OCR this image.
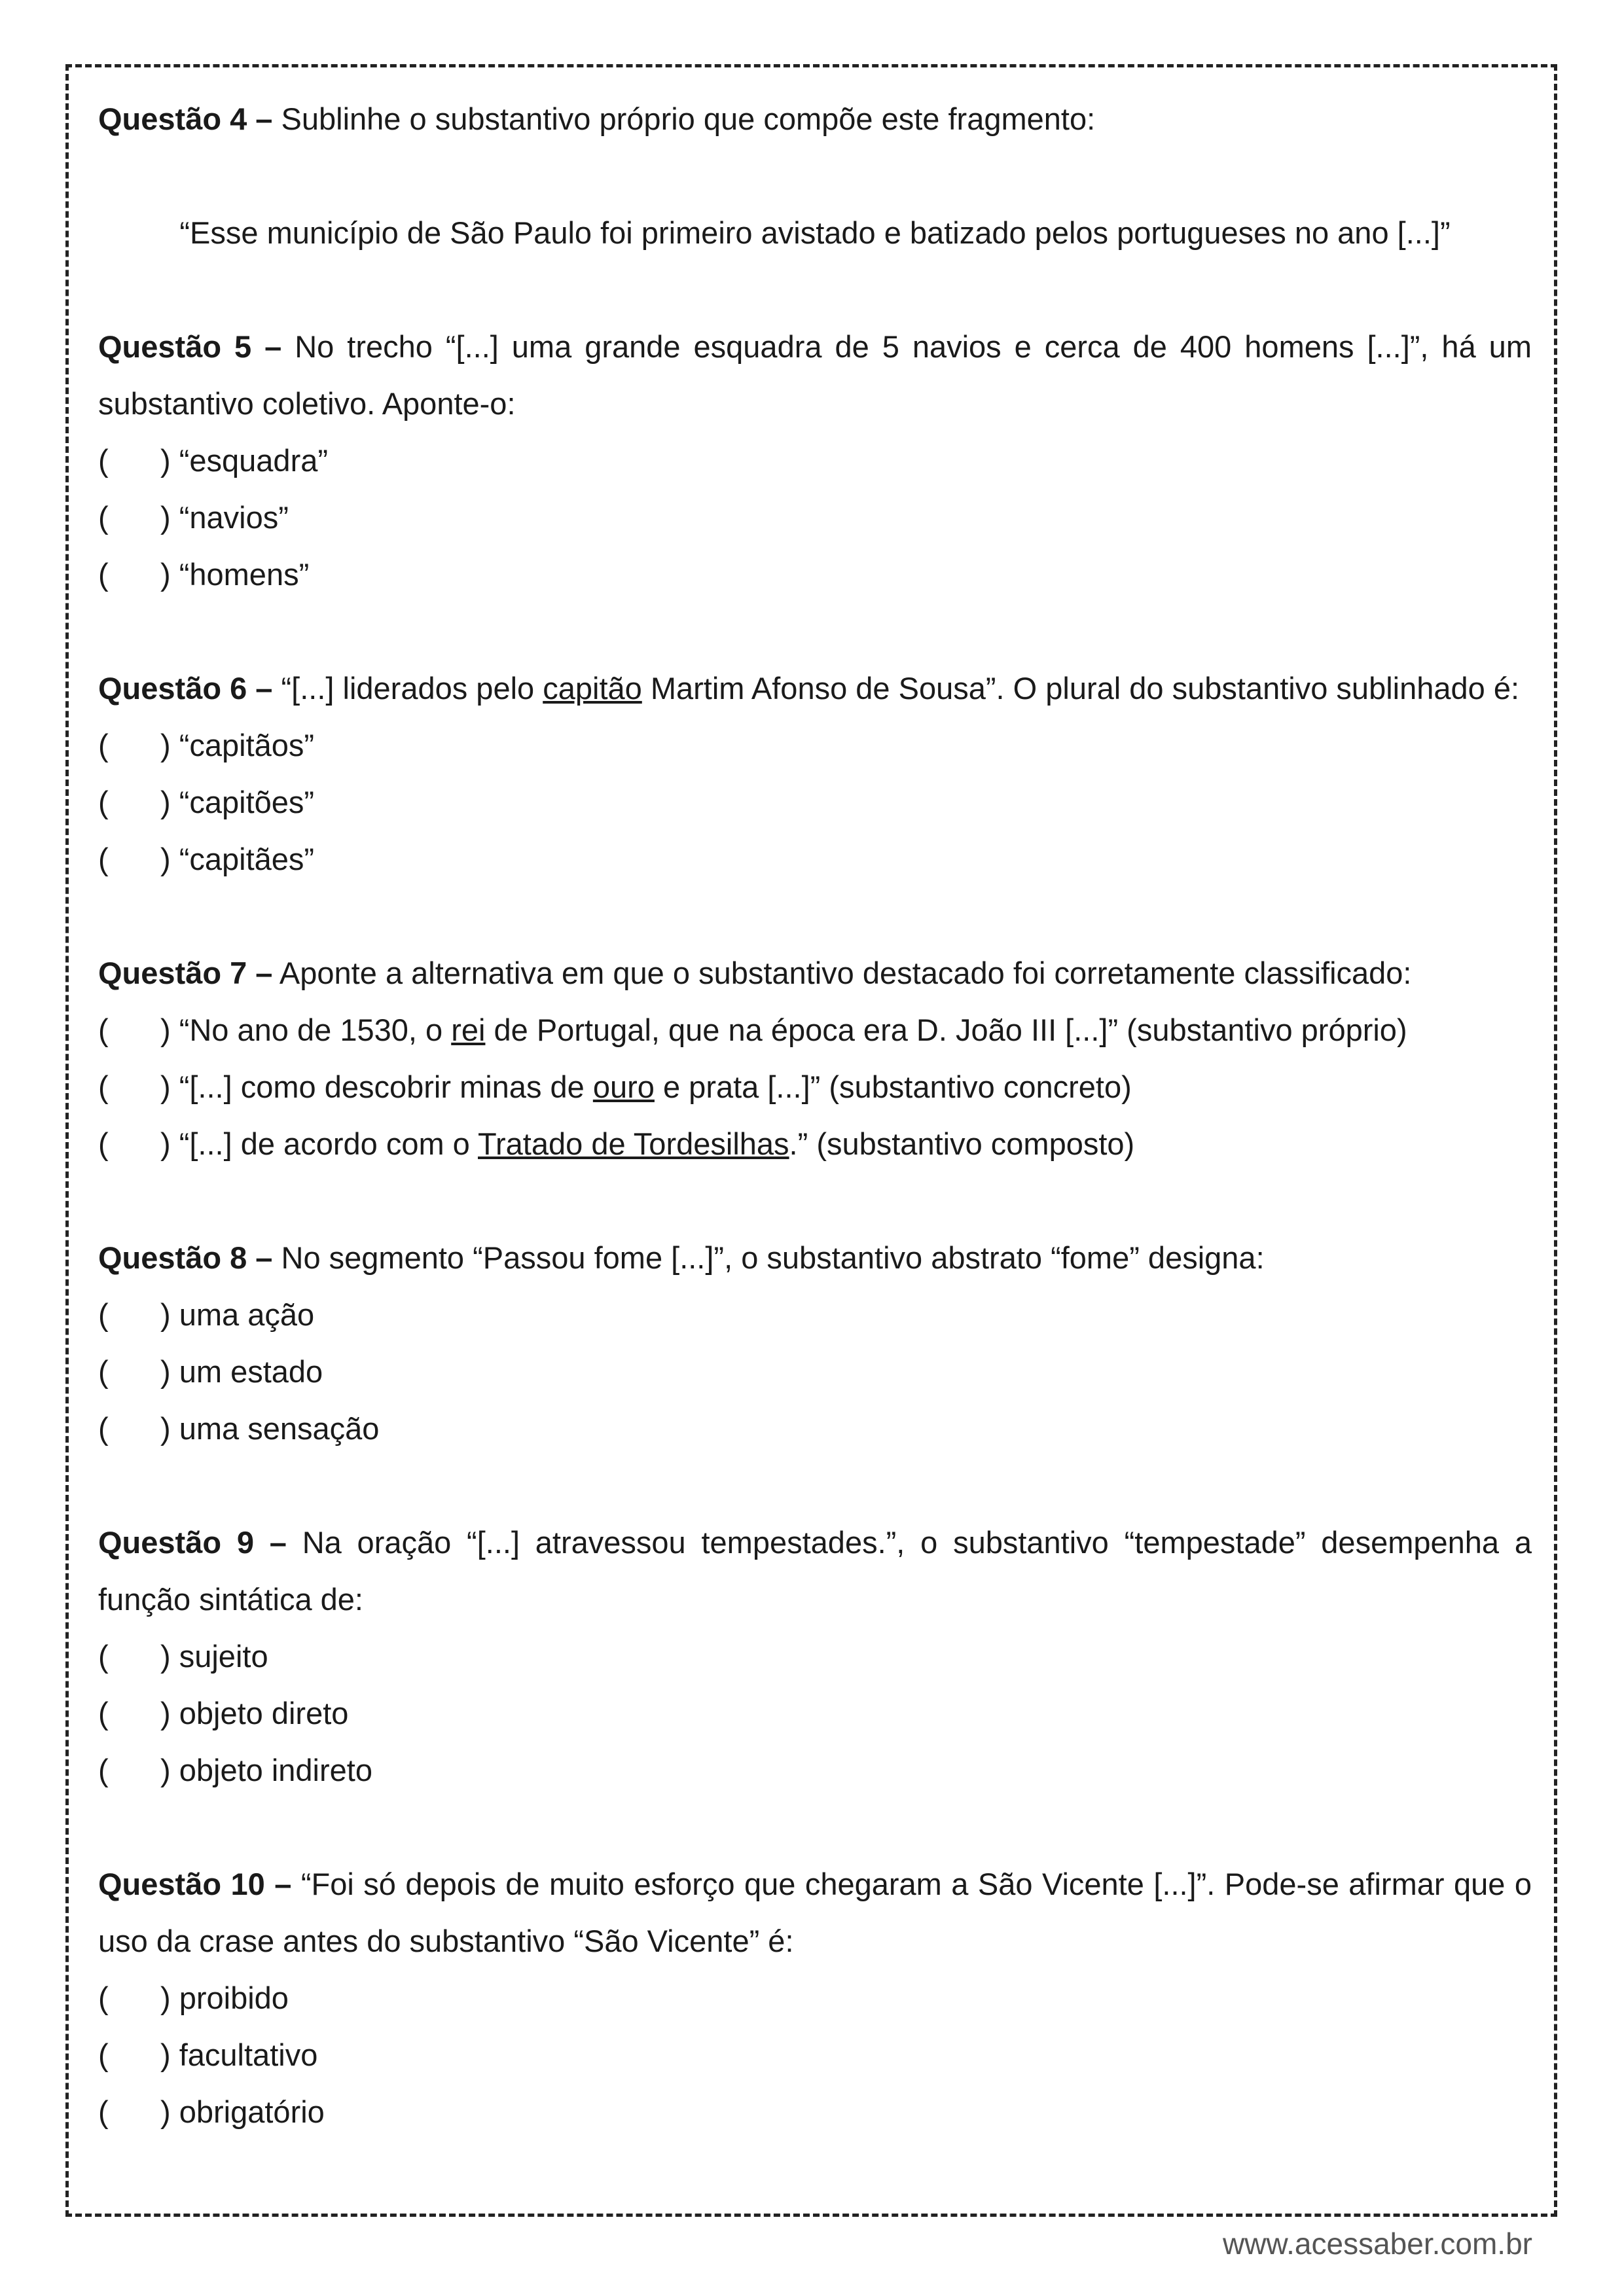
Questão 4 – Sublinhe o substantivo próprio que compõe este fragmento:

“Esse município de São Paulo foi primeiro avistado e batizado pelos portugueses no ano [...]”

Questão 5 – No trecho “[...] uma grande esquadra de 5 navios e cerca de 400 homens [...]”, há um substantivo coletivo. Aponte-o:

(	)
“esquadra”
(	)
“navios”
(	)
“homens”

Questão 6 – “[...] liderados pelo capitão Martim Afonso de Sousa”. O plural do substantivo sublinhado é:

(	)
“capitãos”
(	)
“capitões”
(	)
“capitães”

Questão 7 – Aponte a alternativa em que o substantivo destacado foi corretamente classificado:

(	)
“No ano de 1530, o rei de Portugal, que na época era D. João III [...]” (substantivo próprio)
(	)
“[...] como descobrir minas de ouro e prata [...]” (substantivo concreto)
(	)
“[...] de acordo com o Tratado de Tordesilhas.” (substantivo composto)

Questão 8 – No segmento “Passou fome [...]”, o substantivo abstrato “fome” designa:

(	)
uma ação
(	)
um estado
(	)
uma sensação

Questão 9 – Na oração “[...] atravessou tempestades.”, o substantivo “tempestade” desempenha a função sintática de:

(	)
sujeito
(	)
objeto direto
(	)
objeto indireto

Questão 10 – “Foi só depois de muito esforço que chegaram a São Vicente [...]”. Pode-se afirmar que o uso da crase antes do substantivo “São Vicente” é:

(	)
proibido
(	)
facultativo
(	)
obrigatório
www.acessaber.com.br
